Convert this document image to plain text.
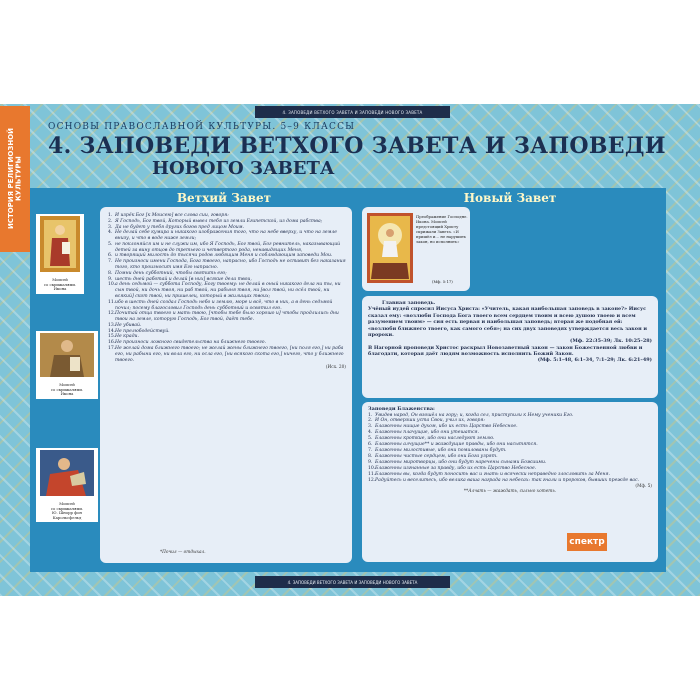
ИСТОРИЯ РЕЛИГИОЗНОЙ
КУЛЬТУРЫ
4. ЗАПОВЕДИ ВЕТХОГО ЗАВЕТА И ЗАПОВЕДИ НОВОГО ЗАВЕТА
ОСНОВЫ ПРАВОСЛАВНОЙ КУЛЬТУРЫ. 5–9 КЛАССЫ
4. ЗАПОВЕДИ ВЕТХОГО ЗАВЕТА И ЗАПОВЕДИ
НОВОГО ЗАВЕТА
Ветхий Завет	Новый Завет
Моисей
со скрижалями.
Икона
Моисей
со скрижалями.
Икона
Моисей
со скрижалями.
Ю. Шнорр фон
Карольсфельд
1. И изрёк Бог [к Моисею] все слова сии, говоря:
2. Я Господь, Бог твой, Который вывел тебя из земли Египетской, из дома рабства;
3. Да не будет у тебя других богов пред лицом Моим.
4. Не делай себе кумира и никакого изображения того, что на небе вверху, и что на земле внизу, и что в воде ниже земли;
5. не поклоняйся им и не служи им, ибо Я Господь, Бог твой, Бог ревнитель, наказывающий детей за вину отцов до третьего и четвертого рода, ненавидящих Меня,
6. и творящий милость до тысячи родов любящим Меня и соблюдающим заповеди Мои.
7. Не произноси имени Господа, Бога твоего, напрасно, ибо Господь не оставит без наказания того, кто произносит имя Его напрасно.
8. Помни день субботний, чтобы святить его;
9. шесть дней работай и делай [в них] всякие дела твои,
10. а день седьмой — суббота Господу, Богу твоему: не делай в оный никакого дела ни ты, ни сын твой, ни дочь твоя, ни раб твой, ни рабыня твоя, ни [вол твой, ни осёл твой, ни всякий] скот твой, ни пришелец, который в жилищах твоих;
11. ибо в шесть дней создал Господь небо и землю, море и всё, что в них, а в день седьмой почил; посему благословил Господь день субботний и освятил его.
12. Почитай отца твоего и мать твою, [чтобы тебе было хорошо и] чтобы продлились дни твои на земле, которую Господь, Бог твой, даёт тебе.
13. Не убивай.
14. Не прелюбодействуй.
15. Не кради.
16. Не произноси ложного свидетельства на ближнего твоего.
17. Не желай дома ближнего твоего; не желай жены ближнего твоего, [ни поля его,] ни раба его, ни рабыни его, ни вола его, ни осла его, [ни всякого скота его,] ничего, что у ближнего твоего.
(Исх. 20)
*Почил — отдыхал.
Преображение Господне. Икона. Моисей предстоящий Христу скрижали Завета. «И пришёл и… не нарушить закон, но исполнить»
(Мф. 5:17)
Главная заповедь.
Учёный иудей спросил Иисуса Христа: «Учитель, какая наибольшая заповедь в законе?» Иисус сказал ему: «возлюби Господа Бога твоего всем сердцем твоим и всею душою твоею и всем разумением твоим» — сия есть первая и наибольшая заповедь; вторая же подобная ей: «возлюби ближнего твоего, как самого себя»; на сих двух заповедях утверждается весь закон и пророки.
(Мф. 22:35–39; Лк. 10:25–28)
В Нагорной проповеди Христос раскрыл Новозаветный закон — закон Божественной любви и благодати, которая даёт людям возможность исполнить Божий Закон.
(Мф. 5:1–48, 6:1–34, 7:1–29; Лк. 6:21–49)
Заповеди Блаженства:
1. Увидев народ, Он взошёл на гору; и, когда сел, приступили к Нему ученики Его.
2. И Он, отверзши уста Свои, учил их, говоря:
3. Блаженны нищие духом, ибо их есть Царство Небесное.
4. Блаженны плачущие, ибо они утешатся.
5. Блаженны кроткие, ибо они наследуют землю.
6. Блаженны алчущие** и жаждущие правды, ибо они насытятся.
7. Блаженны милостивые, ибо они помилованы будут.
8. Блаженны чистые сердцем, ибо они Бога узрят.
9. Блаженны миротворцы, ибо они будут наречены сынами Божиими.
10. Блаженны изгнанные за правду, ибо их есть Царство Небесное.
11. Блаженны вы, когда будут поносить вас и гнать и всячески неправедно злословить за Меня.
12. Радуйтесь и веселитесь, ибо велика ваша награда на небесах: так гнали и пророков, бывших прежде вас.
(Мф. 5)
**Алчать — жаждать, сильно хотеть.
спектр
4. ЗАПОВЕДИ ВЕТХОГО ЗАВЕТА И ЗАПОВЕДИ НОВОГО ЗАВЕТА
